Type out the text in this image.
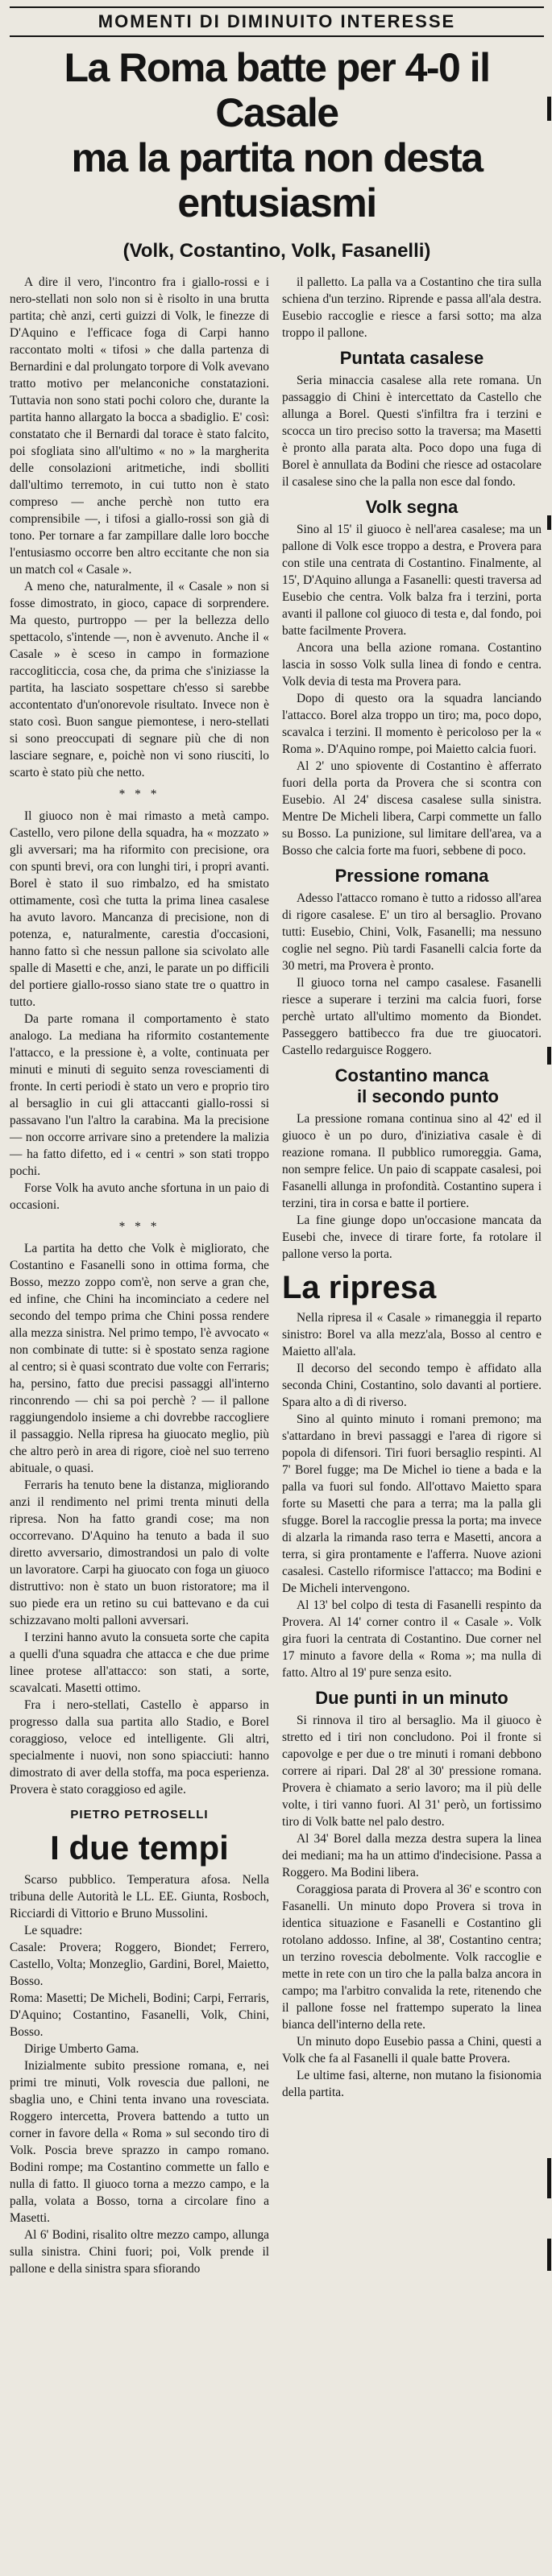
MOMENTI DI DIMINUITO INTERESSE
La Roma batte per 4-0 il Casale
ma la partita non desta entusiasmi
(Volk, Costantino, Volk, Fasanelli)

A dire il vero, l'incontro fra i giallo-rossi e i nero-stellati non solo non si è risolto in una brutta partita; chè anzi, certi guizzi di Volk, le finezze di D'Aquino e l'efficace foga di Carpi hanno raccontato molti « tifosi » che dalla partenza di Bernardini e dal prolungato torpore di Volk avevano tratto motivo per melanconiche constatazioni. Tuttavia non sono stati pochi coloro che, durante la partita hanno allargato la bocca a sbadiglio. E' così: constatato che il Bernardi dal torace è stato falcito, poi sfogliata sino all'ultimo « no » la margherita delle consolazioni aritmetiche, indi sbolliti dall'ultimo terremoto, in cui tutto non è stato compreso — anche perchè non tutto era comprensibile —, i tifosi a giallo-rossi son già di tono. Per tornare a far zampillare dalle loro bocche l'entusiasmo occorre ben altro eccitante che non sia un match col « Casale ».

A meno che, naturalmente, il « Casale » non si fosse dimostrato, in gioco, capace di sorprendere. Ma questo, purtroppo — per la bellezza dello spettacolo, s'intende —, non è avvenuto. Anche il « Casale » è sceso in campo in formazione raccogliticcia, cosa che, da prima che s'iniziasse la partita, ha lasciato sospettare ch'esso si sarebbe accontentato d'un'onorevole risultato. Invece non è stato così. Buon sangue piemontese, i nero-stellati si sono preoccupati di segnare più che di non lasciare segnare, e, poichè non vi sono riusciti, lo scarto è stato più che netto.

* * *

Il giuoco non è mai rimasto a metà campo. Castello, vero pilone della squadra, ha « mozzato » gli avversari; ma ha riformito con precisione, ora con spunti brevi, ora con lunghi tiri, i propri avanti. Borel è stato il suo rimbalzo, ed ha smistato ottimamente, così che tutta la prima linea casalese ha avuto lavoro. Mancanza di precisione, non di potenza, e, naturalmente, carestia d'occasioni, hanno fatto sì che nessun pallone sia scivolato alle spalle di Masetti e che, anzi, le parate un po difficili del portiere giallo-rosso siano state tre o quattro in tutto.

Da parte romana il comportamento è stato analogo. La mediana ha riformito costantemente l'attacco, e la pressione è, a volte, continuata per minuti e minuti di seguito senza rovesciamenti di fronte. In certi periodi è stato un vero e proprio tiro al bersaglio in cui gli attaccanti giallo-rossi si passavano l'un l'altro la carabina. Ma la precisione — non occorre arrivare sino a pretendere la malizia — ha fatto difetto, ed i « centri » son stati troppo pochi.

Forse Volk ha avuto anche sfortuna in un paio di occasioni.

* * *

La partita ha detto che Volk è migliorato, che Costantino e Fasanelli sono in ottima forma, che Bosso, mezzo zoppo com'è, non serve a gran che, ed infine, che Chini ha incominciato a cedere nel secondo del tempo prima che Chini possa rendere alla mezza sinistra. Nel primo tempo, l'è avvocato « non combinate di tutte: si è spostato senza ragione al centro; si è quasi scontrato due volte con Ferraris; ha, persino, fatto due precisi passaggi all'interno rinconrendo — chi sa poi perchè ? — il pallone raggiungendolo insieme a chi dovrebbe raccogliere il passaggio. Nella ripresa ha giuocato meglio, più che altro però in area di rigore, cioè nel suo terreno abituale, o quasi.

Ferraris ha tenuto bene la distanza, migliorando anzi il rendimento nel primi trenta minuti della ripresa. Non ha fatto grandi cose; ma non occorrevano. D'Aquino ha tenuto a bada il suo diretto avversario, dimostrandosi un palo di volte un lavoratore. Carpi ha giuocato con foga un giuoco distruttivo: non è stato un buon ristoratore; ma il suo piede era un retino su cui battevano e da cui schizzavano molti palloni avversari.

I terzini hanno avuto la consueta sorte che capita a quelli d'una squadra che attacca e che due prime linee protese all'attacco: son stati, a sorte, scavalcati. Masetti ottimo.

Fra i nero-stellati, Castello è apparso in progresso dalla sua partita allo Stadio, e Borel coraggioso, veloce ed intelligente. Gli altri, specialmente i nuovi, non sono spiacciuti: hanno dimostrato di aver della stoffa, ma poca esperienza. Provera è stato coraggioso ed agile.

PIETRO PETROSELLI
I due tempi

Scarso pubblico. Temperatura afosa. Nella tribuna delle Autorità le LL. EE. Giunta, Rosboch, Ricciardi di Vittorio e Bruno Mussolini.

Le squadre:

Casale: Provera; Roggero, Biondet; Ferrero, Castello, Volta; Monzeglio, Gardini, Borel, Maietto, Bosso.

Roma: Masetti; De Micheli, Bodini; Carpi, Ferraris, D'Aquino; Costantino, Fasanelli, Volk, Chini, Bosso.

Dirige Umberto Gama.

Inizialmente subito pressione romana, e, nei primi tre minuti, Volk rovescia due palloni, ne sbaglia uno, e Chini tenta invano una rovesciata. Roggero intercetta, Provera battendo a tutto un corner in favore della « Roma » sul secondo tiro di Volk. Poscia breve sprazzo in campo romano. Bodini rompe; ma Costantino commette un fallo e nulla di fatto. Il giuoco torna a mezzo campo, e la palla, volata a Bosso, torna a circolare fino a Masetti.

Al 6' Bodini, risalito oltre mezzo campo, allunga sulla sinistra. Chini fuori; poi, Volk prende il pallone e della sinistra spara sfiorando

il palletto. La palla va a Costantino che tira sulla schiena d'un terzino. Riprende e passa all'ala destra. Eusebio raccoglie e riesce a farsi sotto; ma alza troppo il pallone.

Puntata casalese

Seria minaccia casalese alla rete romana. Un passaggio di Chini è intercettato da Castello che allunga a Borel. Questi s'infiltra fra i terzini e scocca un tiro preciso sotto la traversa; ma Masetti è pronto alla parata alta. Poco dopo una fuga di Borel è annullata da Bodini che riesce ad ostacolare il casalese sino che la palla non esce dal fondo.

Volk segna

Sino al 15' il giuoco è nell'area casalese; ma un pallone di Volk esce troppo a destra, e Provera para con stile una centrata di Costantino. Finalmente, al 15', D'Aquino allunga a Fasanelli: questi traversa ad Eusebio che centra. Volk balza fra i terzini, porta avanti il pallone col giuoco di testa e, dal fondo, poi batte facilmente Provera.

Ancora una bella azione romana. Costantino lascia in sosso Volk sulla linea di fondo e centra. Volk devia di testa ma Provera para.

Dopo di questo ora la squadra lanciando l'attacco. Borel alza troppo un tiro; ma, poco dopo, scavalca i terzini. Il momento è pericoloso per la « Roma ». D'Aquino rompe, poi Maietto calcia fuori.

Al 2' uno spiovente di Costantino è afferrato fuori della porta da Provera che si scontra con Eusebio. Al 24' discesa casalese sulla sinistra. Mentre De Micheli libera, Carpi commette un fallo su Bosso. La punizione, sul limitare dell'area, va a Bosso che calcia forte ma fuori, sebbene di poco.

Pressione romana

Adesso l'attacco romano è tutto a ridosso all'area di rigore casalese. E' un tiro al bersaglio. Provano tutti: Eusebio, Chini, Volk, Fasanelli; ma nessuno coglie nel segno. Più tardi Fasanelli calcia forte da 30 metri, ma Provera è pronto.

Il giuoco torna nel campo casalese. Fasanelli riesce a superare i terzini ma calcia fuori, forse perchè urtato all'ultimo momento da Biondet. Passeggero battibecco fra due tre giuocatori. Castello redarguisce Roggero.

Costantino manca
il secondo punto

La pressione romana continua sino al 42' ed il giuoco è un po duro, d'iniziativa casale è di reazione romana. Il pubblico rumoreggia. Gama, non sempre felice. Un paio di scappate casalesi, poi Fasanelli allunga in profondità. Costantino supera i terzini, tira in corsa e batte il portiere.

La fine giunge dopo un'occasione mancata da Eusebi che, invece di tirare forte, fa rotolare il pallone verso la porta.

La ripresa

Nella ripresa il « Casale » rimaneggia il reparto sinistro: Borel va alla mezz'ala, Bosso al centro e Maietto all'ala.

Il decorso del secondo tempo è affidato alla seconda Chini, Costantino, solo davanti al portiere. Spara alto a dì di riverso.

Sino al quinto minuto i romani premono; ma s'attardano in brevi passaggi e l'area di rigore si popola di difensori. Tiri fuori bersaglio respinti. Al 7' Borel fugge; ma De Michel io tiene a bada e la palla va fuori sul fondo. All'ottavo Maietto spara forte su Masetti che para a terra; ma la palla gli sfugge. Borel la raccoglie pressa la porta; ma invece di alzarla la rimanda raso terra e Masetti, ancora a terra, si gira prontamente e l'afferra. Nuove azioni casalesi. Castello riformisce l'attacco; ma Bodini e De Micheli intervengono.

Al 13' bel colpo di testa di Fasanelli respinto da Provera. Al 14' corner contro il « Casale ». Volk gira fuori la centrata di Costantino. Due corner nel 17 minuto a favore della « Roma »; ma nulla di fatto. Altro al 19' pure senza esito.

Due punti in un minuto

Si rinnova il tiro al bersaglio. Ma il giuoco è stretto ed i tiri non concludono. Poi il fronte si capovolge e per due o tre minuti i romani debbono correre ai ripari. Dal 28' al 30' pressione romana. Provera è chiamato a serio lavoro; ma il più delle volte, i tiri vanno fuori. Al 31' però, un fortissimo tiro di Volk batte nel palo destro.

Al 34' Borel dalla mezza destra supera la linea dei mediani; ma ha un attimo d'indecisione. Passa a Roggero. Ma Bodini libera.

Coraggiosa parata di Provera al 36' e scontro con Fasanelli. Un minuto dopo Provera si trova in identica situazione e Fasanelli e Costantino gli rotolano addosso. Infine, al 38', Costantino centra; un terzino rovescia debolmente. Volk raccoglie e mette in rete con un tiro che la palla balza ancora in campo; ma l'arbitro convalida la rete, ritenendo che il pallone fosse nel frattempo superato la linea bianca dell'interno della rete.

Un minuto dopo Eusebio passa a Chini, questi a Volk che fa al Fasanelli il quale batte Provera.

Le ultime fasi, alterne, non mutano la fisionomia della partita.
